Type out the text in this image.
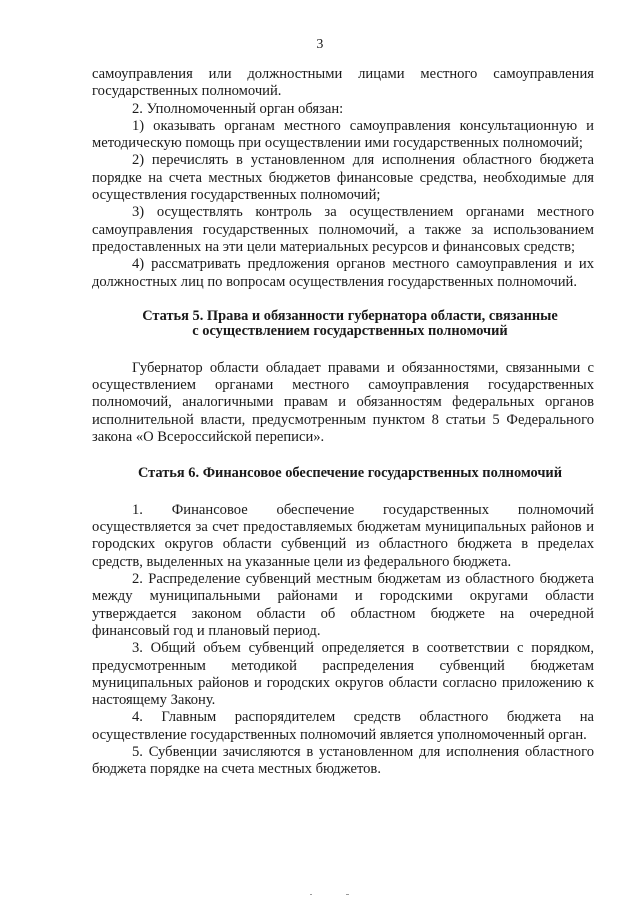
3

самоуправления или должностными лицами местного самоуправления государственных полномочий.

2. Уполномоченный орган обязан:

1) оказывать органам местного самоуправления консультационную и методическую помощь при осуществлении ими государственных полномочий;

2) перечислять в установленном для исполнения областного бюджета порядке на счета местных бюджетов финансовые средства, необходимые для осуществления государственных полномочий;

3) осуществлять контроль за осуществлением органами местного самоуправления государственных полномочий, а также за использованием предоставленных на эти цели материальных ресурсов и финансовых средств;

4) рассматривать предложения органов местного самоуправления и их должностных лиц по вопросам осуществления государственных полномочий.

Статья 5. Права и обязанности губернатора области, связанные

с осуществлением государственных полномочий

Губернатор области обладает правами и обязанностями, связанными с осуществлением органами местного самоуправления государственных полномочий, аналогичными правам и обязанностям федеральных органов исполнительной власти, предусмотренным пунктом 8 статьи 5 Федерального закона «О Всероссийской переписи».

Статья 6. Финансовое обеспечение государственных полномочий

1. Финансовое обеспечение государственных полномочий осуществляется за счет предоставляемых бюджетам муниципальных районов и городских округов области субвенций из областного бюджета в пределах средств, выделенных на указанные цели из федерального бюджета.

2. Распределение субвенций местным бюджетам из областного бюджета между муниципальными районами и городскими округами области утверждается законом области об областном бюджете на очередной финансовый год и плановый период.

3. Общий объем субвенций определяется в соответствии с порядком, предусмотренным методикой распределения субвенций бюджетам муниципальных районов и городских округов области согласно приложению к настоящему Закону.

4. Главным распорядителем средств областного бюджета на осуществление государственных полномочий является уполномоченный орган.

5. Субвенции зачисляются в установленном для исполнения областного бюджета порядке на счета местных бюджетов.
